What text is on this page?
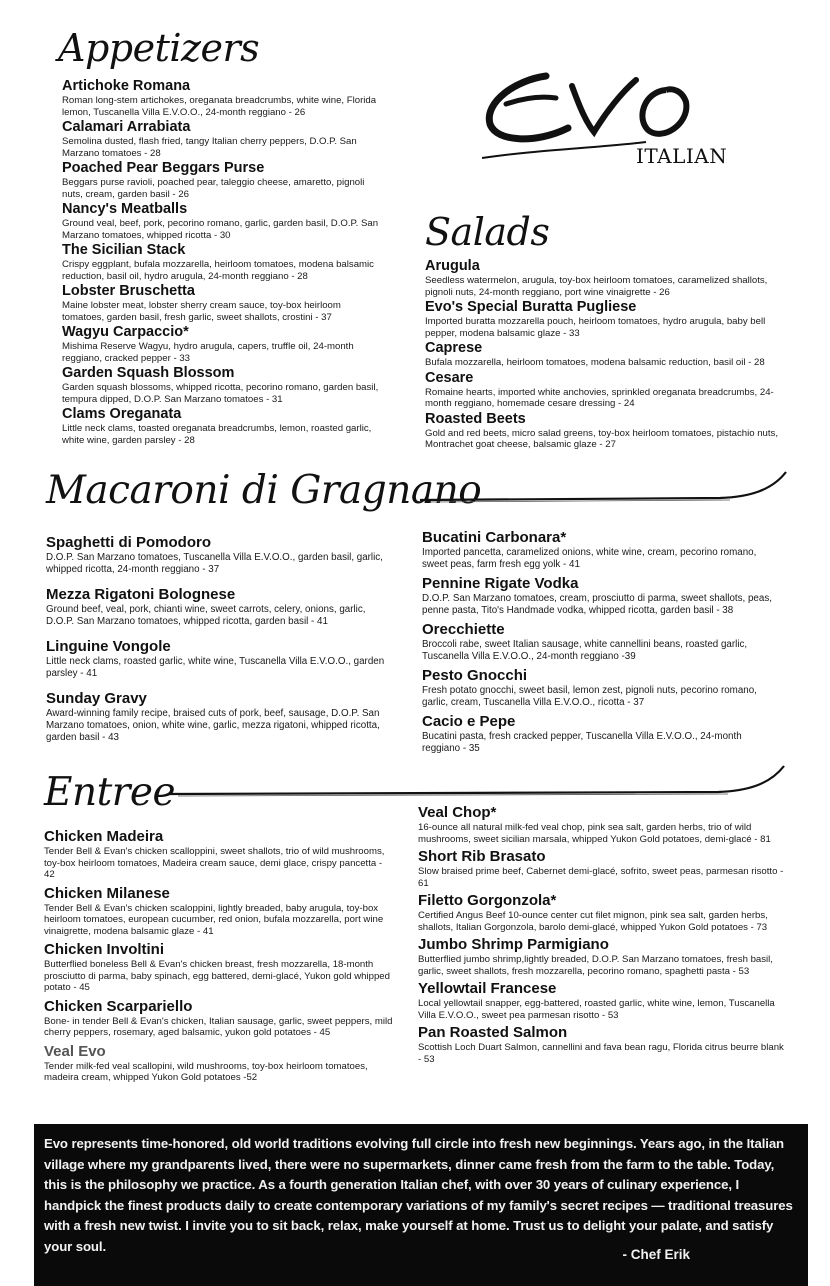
Appetizers
Salads
Macaroni di Gragnano
Entree
ITALIAN
Artichoke Romana

Roman long-stem artichokes, oreganata breadcrumbs, white wine, Florida lemon, Tuscanella Villa E.V.O.O., 24-month reggiano - 26

Calamari Arrabiata

Semolina dusted, flash fried, tangy Italian cherry peppers, D.O.P. San Marzano tomatoes - 28

Poached Pear Beggars Purse

Beggars purse ravioli, poached pear, taleggio cheese, amaretto, pignoli nuts, cream, garden basil - 26

Nancy's Meatballs

Ground veal, beef, pork, pecorino romano, garlic, garden basil, D.O.P. San Marzano tomatoes, whipped ricotta - 30

The Sicilian Stack

Crispy eggplant, bufala mozzarella, heirloom tomatoes, modena balsamic reduction, basil oil, hydro arugula, 24-month reggiano - 28

Lobster Bruschetta

Maine lobster meat, lobster sherry cream sauce, toy-box heirloom tomatoes, garden basil, fresh garlic, sweet shallots, crostini - 37

Wagyu Carpaccio*

Mishima Reserve Wagyu, hydro arugula, capers, truffle oil, 24-month reggiano, cracked pepper - 33

Garden Squash Blossom

Garden squash blossoms, whipped ricotta, pecorino romano, garden basil, tempura dipped, D.O.P. San Marzano tomatoes - 31

Clams Oreganata

Little neck clams, toasted oreganata breadcrumbs, lemon, roasted garlic, white wine, garden parsley - 28

Arugula

Seedless watermelon, arugula, toy-box heirloom tomatoes, caramelized shallots, pignoli nuts, 24-month reggiano, port wine vinaigrette - 26

Evo's Special Buratta Pugliese

Imported buratta mozzarella pouch, heirloom tomatoes, hydro arugula, baby bell pepper, modena balsamic glaze - 33

Caprese

Bufala mozzarella, heirloom tomatoes, modena balsamic reduction, basil oil - 28

Cesare

Romaine hearts, imported white anchovies, sprinkled oreganata breadcrumbs, 24-month reggiano, homemade cesare dressing - 24

Roasted Beets

Gold and red beets, micro salad greens, toy-box heirloom tomatoes, pistachio nuts, Montrachet goat cheese, balsamic glaze - 27

Spaghetti di Pomodoro

D.O.P. San Marzano tomatoes, Tuscanella Villa E.V.O.O., garden basil, garlic, whipped ricotta, 24-month reggiano - 37

Mezza Rigatoni Bolognese

Ground beef, veal, pork, chianti wine, sweet carrots, celery, onions, garlic, D.O.P. San Marzano tomatoes, whipped ricotta, garden basil - 41

Linguine Vongole

Little neck clams, roasted garlic, white wine, Tuscanella Villa E.V.O.O., garden parsley - 41

Sunday Gravy

Award-winning family recipe, braised cuts of pork, beef, sausage, D.O.P. San Marzano tomatoes, onion, white wine, garlic, mezza rigatoni, whipped ricotta, garden basil - 43

Bucatini Carbonara*

Imported pancetta, caramelized onions, white wine, cream, pecorino romano, sweet peas, farm fresh egg yolk - 41

Pennine Rigate Vodka

D.O.P. San Marzano tomatoes, cream, prosciutto di parma, sweet shallots, peas, penne pasta, Tito's Handmade vodka, whipped ricotta, garden basil - 38

Orecchiette

Broccoli rabe, sweet Italian sausage, white cannellini beans, roasted garlic, Tuscanella Villa E.V.O.O., 24-month reggiano -39

Pesto Gnocchi

Fresh potato gnocchi, sweet basil, lemon zest, pignoli nuts, pecorino romano, garlic, cream, Tuscanella Villa E.V.O.O., ricotta - 37

Cacio e Pepe

Bucatini pasta, fresh cracked pepper, Tuscanella Villa E.V.O.O., 24-month reggiano - 35

Chicken Madeira

Tender Bell & Evan's chicken scalloppini, sweet shallots, trio of wild mushrooms, toy-box heirloom tomatoes, Madeira cream sauce, demi glace, crispy pancetta - 42

Chicken Milanese

Tender Bell & Evan's chicken scaloppini, lightly breaded, baby arugula, toy-box heirloom tomatoes, european cucumber, red onion, bufala mozzarella, port wine vinaigrette, modena balsamic glaze - 41

Chicken Involtini

Butterflied boneless Bell & Evan's chicken breast, fresh mozzarella, 18-month prosciutto di parma, baby spinach, egg battered, demi-glacé, Yukon gold whipped potato - 45

Chicken Scarpariello

Bone- in tender Bell & Evan's chicken, Italian sausage, garlic, sweet peppers, mild cherry peppers, rosemary, aged balsamic, yukon gold potatoes - 45

Veal Evo

Tender milk-fed veal scallopini, wild mushrooms, toy-box heirloom tomatoes, madeira cream, whipped Yukon Gold potatoes -52

Veal Chop*

16-ounce all natural milk-fed veal chop, pink sea salt, garden herbs, trio of wild mushrooms, sweet sicilian marsala, whipped Yukon Gold potatoes, demi-glacé - 81

Short Rib Brasato

Slow braised prime beef, Cabernet demi-glacé, sofrito, sweet peas, parmesan risotto - 61

Filetto Gorgonzola*

Certified Angus Beef 10-ounce center cut filet mignon, pink sea salt, garden herbs, shallots, Italian Gorgonzola, barolo demi-glacé, whipped Yukon Gold potatoes - 73

Jumbo Shrimp Parmigiano

Butterflied jumbo shrimp,lightly breaded, D.O.P. San Marzano tomatoes, fresh basil, garlic, sweet shallots, fresh mozzarella, pecorino romano, spaghetti pasta - 53

Yellowtail Francese

Local yellowtail snapper, egg-battered, roasted garlic, white wine, lemon, Tuscanella Villa E.V.O.O., sweet pea parmesan risotto - 53

Pan Roasted Salmon

Scottish Loch Duart Salmon, cannellini and fava bean ragu, Florida citrus beurre blank - 53

Evo represents time-honored, old world traditions evolving full circle into fresh new beginnings. Years ago, in the Italian village where my grandparents lived, there were no supermarkets, dinner came fresh from the farm to the table. Today, this is the philosophy we practice. As a fourth generation Italian chef, with over 30 years of culinary experience, I handpick the finest products daily to create contemporary variations of my family's secret recipes — traditional treasures with a fresh new twist. I invite you to sit back, relax, make yourself at home. Trust us to delight your palate, and satisfy your soul.

- Chef Erik
